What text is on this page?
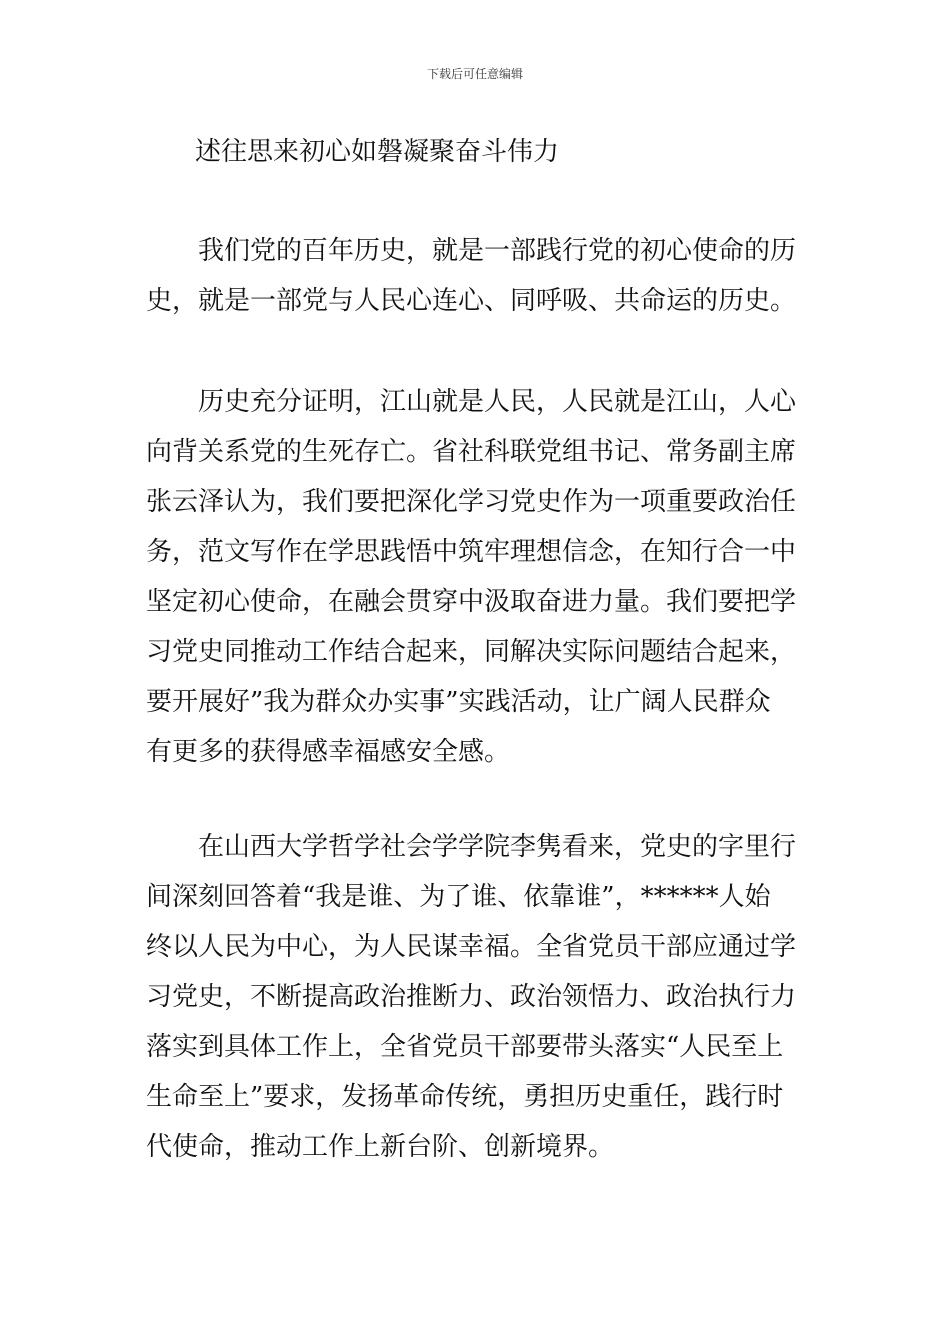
下载后可任意编辑
述往思来初心如磐凝聚奋斗伟力
我们党的百年历史，就是一部践行党的初心使命的历
史，就是一部党与人民心连心、同呼吸、共命运的历史。
历史充分证明，江山就是人民，人民就是江山，人心
向背关系党的生死存亡。省社科联党组书记、常务副主席
张云泽认为，我们要把深化学习党史作为一项重要政治任
务，范文写作在学思践悟中筑牢理想信念，在知行合一中
坚定初心使命，在融会贯穿中汲取奋进力量。我们要把学
习党史同推动工作结合起来，同解决实际问题结合起来，
要开展好”我为群众办实事”实践活动，让广阔人民群众
有更多的获得感幸福感安全感。
在山西大学哲学社会学学院李隽看来，党史的字里行
间深刻回答着“我是谁、为了谁、依靠谁”，******人始
终以人民为中心，为人民谋幸福。全省党员干部应通过学
习党史，不断提高政治推断力、政治领悟力、政治执行力
落实到具体工作上，全省党员干部要带头落实“人民至上
生命至上”要求，发扬革命传统，勇担历史重任，践行时
代使命，推动工作上新台阶、创新境界。
